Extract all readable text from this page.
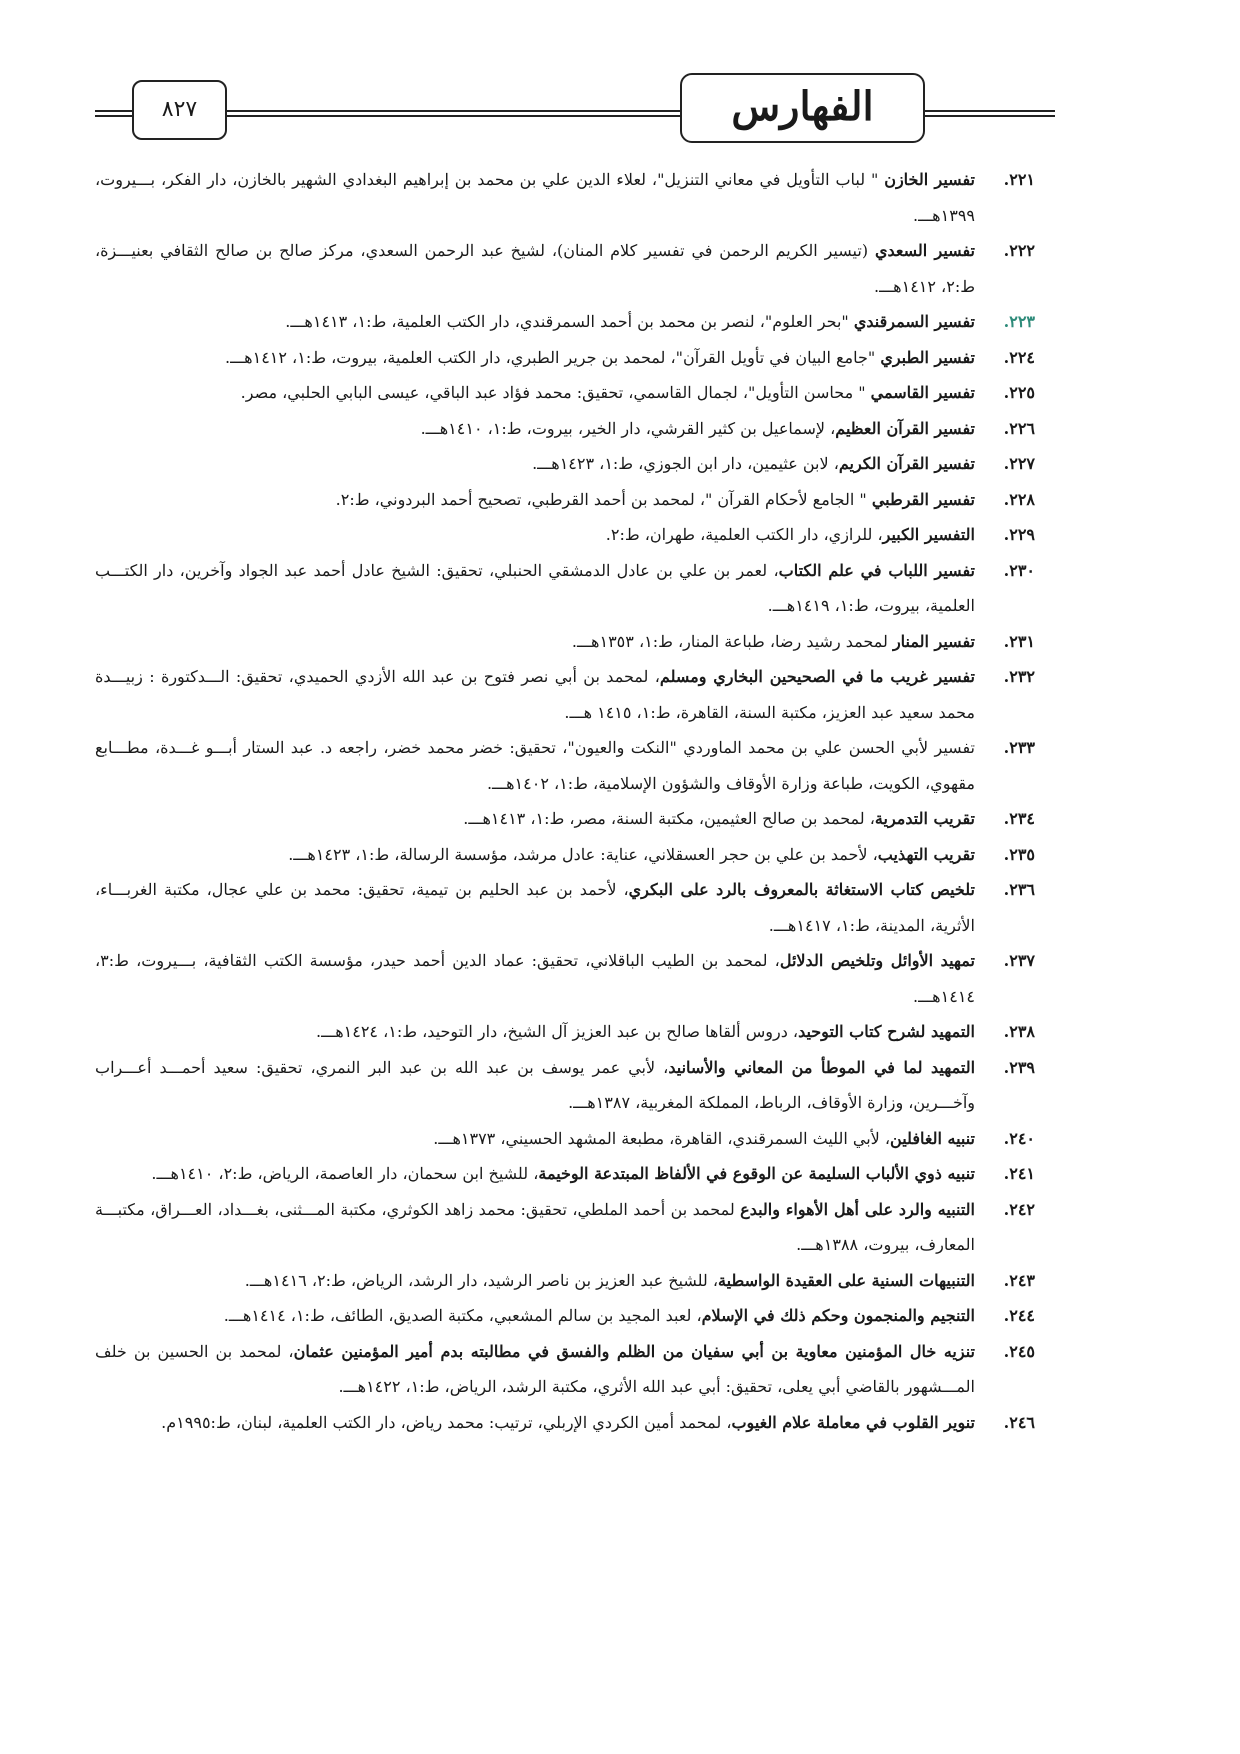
الفهارس
٨٢٧
٢٢١.
تفسير الخازن " لباب التأويل في معاني التنزيل"، لعلاء الدين علي بن محمد بن إبراهيم البغدادي الشهير بالخازن، دار الفكر، بـــيروت، ١٣٩٩هـــ.
٢٢٢.
تفسير السعدي (تيسير الكريم الرحمن في تفسير كلام المنان)، لشيخ عبد الرحمن السعدي، مركز صالح بن صالح الثقافي بعنيـــزة، ط:٢، ١٤١٢هـــ.
٢٢٣.
تفسير السمرقندي "بحر العلوم"، لنصر بن محمد بن أحمد السمرقندي، دار الكتب العلمية، ط:١، ١٤١٣هـــ.
٢٢٤.
تفسير الطبري "جامع البيان في تأويل القرآن"، لمحمد بن جرير الطبري، دار الكتب العلمية، بيروت، ط:١، ١٤١٢هـــ.
٢٢٥.
تفسير القاسمي " محاسن التأويل"، لجمال القاسمي، تحقيق: محمد فؤاد عبد الباقي، عيسى البابي الحلبي، مصر.
٢٢٦.
تفسير القرآن العظيم، لإسماعيل بن كثير القرشي، دار الخير، بيروت، ط:١، ١٤١٠هـــ.
٢٢٧.
تفسير القرآن الكريم، لابن عثيمين، دار ابن الجوزي، ط:١، ١٤٢٣هـــ.
٢٢٨.
تفسير القرطبي " الجامع لأحكام القرآن "، لمحمد بن أحمد القرطبي، تصحيح أحمد البردوني، ط:٢.
٢٢٩.
التفسير الكبير، للرازي، دار الكتب العلمية، طهران، ط:٢.
٢٣٠.
تفسير اللباب في علم الكتاب، لعمر بن علي بن عادل الدمشقي الحنبلي، تحقيق: الشيخ عادل أحمد عبد الجواد وآخرين، دار الكتـــب العلمية، بيروت، ط:١، ١٤١٩هـــ.
٢٣١.
تفسير المنار لمحمد رشيد رضا، طباعة المنار، ط:١، ١٣٥٣هـــ.
٢٣٢.
تفسير غريب ما في الصحيحين البخاري ومسلم، لمحمد بن أبي نصر فتوح بن عبد الله الأزدي الحميدي، تحقيق: الـــدكتورة : زبيـــدة محمد سعيد عبد العزيز، مكتبة السنة، القاهرة، ط:١، ١٤١٥ هـــ.
٢٣٣.
تفسير لأبي الحسن علي بن محمد الماوردي "النكت والعيون"، تحقيق: خضر محمد خضر، راجعه د. عبد الستار أبـــو غـــدة، مطـــابع مقهوي، الكويت، طباعة وزارة الأوقاف والشؤون الإسلامية، ط:١، ١٤٠٢هـــ.
٢٣٤.
تقريب التدمرية، لمحمد بن صالح العثيمين، مكتبة السنة، مصر، ط:١، ١٤١٣هـــ.
٢٣٥.
تقريب التهذيب، لأحمد بن علي بن حجر العسقلاني، عناية: عادل مرشد، مؤسسة الرسالة، ط:١، ١٤٢٣هـــ.
٢٣٦.
تلخيص كتاب الاستغاثة بالمعروف بالرد على البكري، لأحمد بن عبد الحليم بن تيمية، تحقيق: محمد بن علي عجال، مكتبة الغربـــاء، الأثرية، المدينة، ط:١، ١٤١٧هـــ.
٢٣٧.
تمهيد الأوائل وتلخيص الدلائل، لمحمد بن الطيب الباقلاني، تحقيق: عماد الدين أحمد حيدر، مؤسسة الكتب الثقافية، بـــيروت، ط:٣، ١٤١٤هـــ.
٢٣٨.
التمهيد لشرح كتاب التوحيد، دروس ألقاها صالح بن عبد العزيز آل الشيخ، دار التوحيد، ط:١، ١٤٢٤هـــ.
٢٣٩.
التمهيد لما في الموطأ من المعاني والأسانيد، لأبي عمر يوسف بن عبد الله بن عبد البر النمري، تحقيق: سعيد أحمـــد أعـــراب وآخـــرين، وزارة الأوقاف، الرباط، المملكة المغربية، ١٣٨٧هـــ.
٢٤٠.
تنبيه الغافلين، لأبي الليث السمرقندي، القاهرة، مطبعة المشهد الحسيني، ١٣٧٣هـــ.
٢٤١.
تنبيه ذوي الألباب السليمة عن الوقوع في الألفاظ المبتدعة الوخيمة، للشيخ ابن سحمان، دار العاصمة، الرياض، ط:٢، ١٤١٠هـــ.
٢٤٢.
التنبيه والرد على أهل الأهواء والبدع لمحمد بن أحمد الملطي، تحقيق: محمد زاهد الكوثري، مكتبة المـــثنى، بغـــداد، العـــراق، مكتبـــة المعارف، بيروت، ١٣٨٨هـــ.
٢٤٣.
التنبيهات السنية على العقيدة الواسطية، للشيخ عبد العزيز بن ناصر الرشيد، دار الرشد، الرياض، ط:٢، ١٤١٦هـــ.
٢٤٤.
التنجيم والمنجمون وحكم ذلك في الإسلام، لعبد المجيد بن سالم المشعبي، مكتبة الصديق، الطائف، ط:١، ١٤١٤هـــ.
٢٤٥.
تنزيه خال المؤمنين معاوية بن أبي سفيان من الظلم والفسق في مطالبته بدم أمير المؤمنين عثمان، لمحمد بن الحسين بن خلف المـــشهور بالقاضي أبي يعلى، تحقيق: أبي عبد الله الأثري، مكتبة الرشد، الرياض، ط:١، ١٤٢٢هـــ.
٢٤٦.
تنوير القلوب في معاملة علام الغيوب، لمحمد أمين الكردي الإربلي، ترتيب: محمد رياض، دار الكتب العلمية، لبنان، ط:١٩٩٥م.
